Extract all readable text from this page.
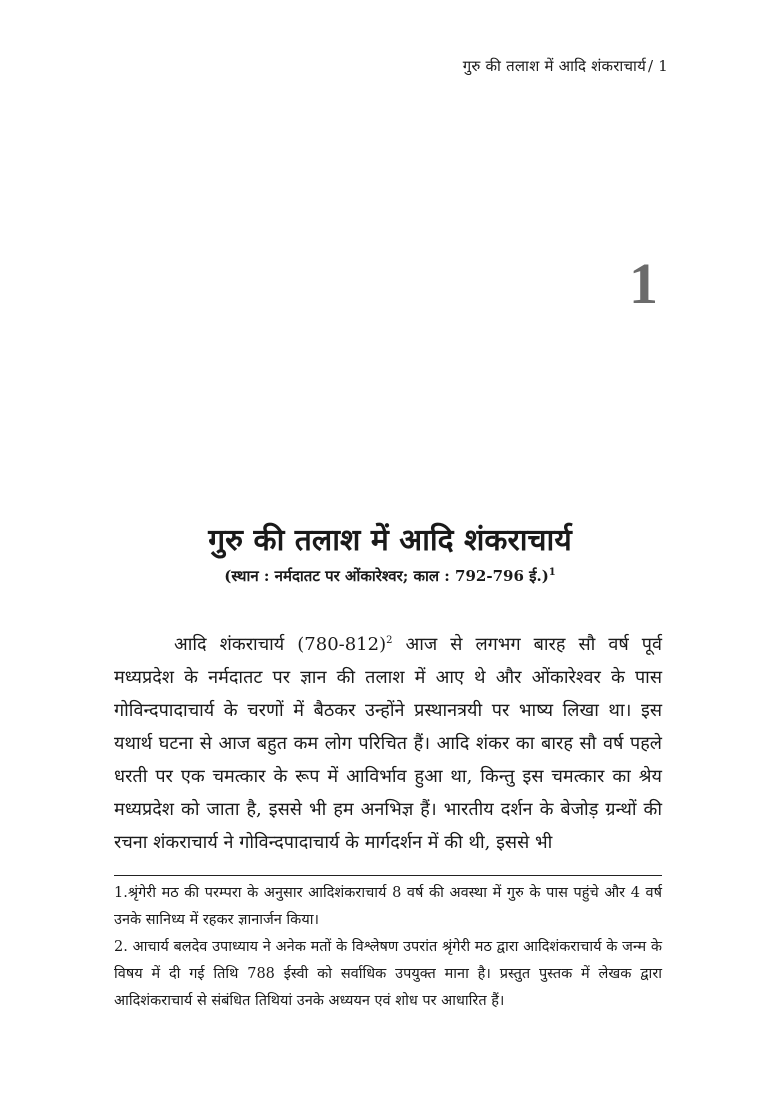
गुरु की तलाश में आदि शंकराचार्य / 1
1
गुरु की तलाश में आदि शंकराचार्य
(स्थान : नर्मदातट पर ओंकारेश्वर; काल : 792-796 ई.)$^1$

आदि शंकराचार्य $(780-812)^2$ आज से लगभग बारह सौ वर्ष पूर्व मध्यप्रदेश के नर्मदातट पर ज्ञान की तलाश में आए थे और ओंकारेश्वर के पास गोविन्दपादाचार्य के चरणों में बैठकर उन्होंने प्रस्थानत्रयी पर भाष्य लिखा था। इस यथार्थ घटना से आज बहुत कम लोग परिचित हैं। आदि शंकर का बारह सौ वर्ष पहले धरती पर एक चमत्कार के रूप में आविर्भाव हुआ था, किन्तु इस चमत्कार का श्रेय मध्यप्रदेश को जाता है, इससे भी हम अनभिज्ञ हैं। भारतीय दर्शन के बेजोड़ ग्रन्थों की रचना शंकराचार्य ने गोविन्दपादाचार्य के मार्गदर्शन में की थी, इससे भी

1.श्रृंगेरी मठ की परम्परा के अनुसार आदिशंकराचार्य 8 वर्ष की अवस्था में गुरु के पास पहुंचे और 4 वर्ष उनके सानिध्य में रहकर ज्ञानार्जन किया।

2. आचार्य बलदेव उपाध्याय ने अनेक मतों के विश्लेषण उपरांत श्रृंगेरी मठ द्वारा आदिशंकराचार्य के जन्म के विषय में दी गई तिथि 788 ईस्वी को सर्वाधिक उपयुक्त माना है। प्रस्तुत पुस्तक में लेखक द्वारा आदिशंकराचार्य से संबंधित तिथियां उनके अध्ययन एवं शोध पर आधारित हैं।
